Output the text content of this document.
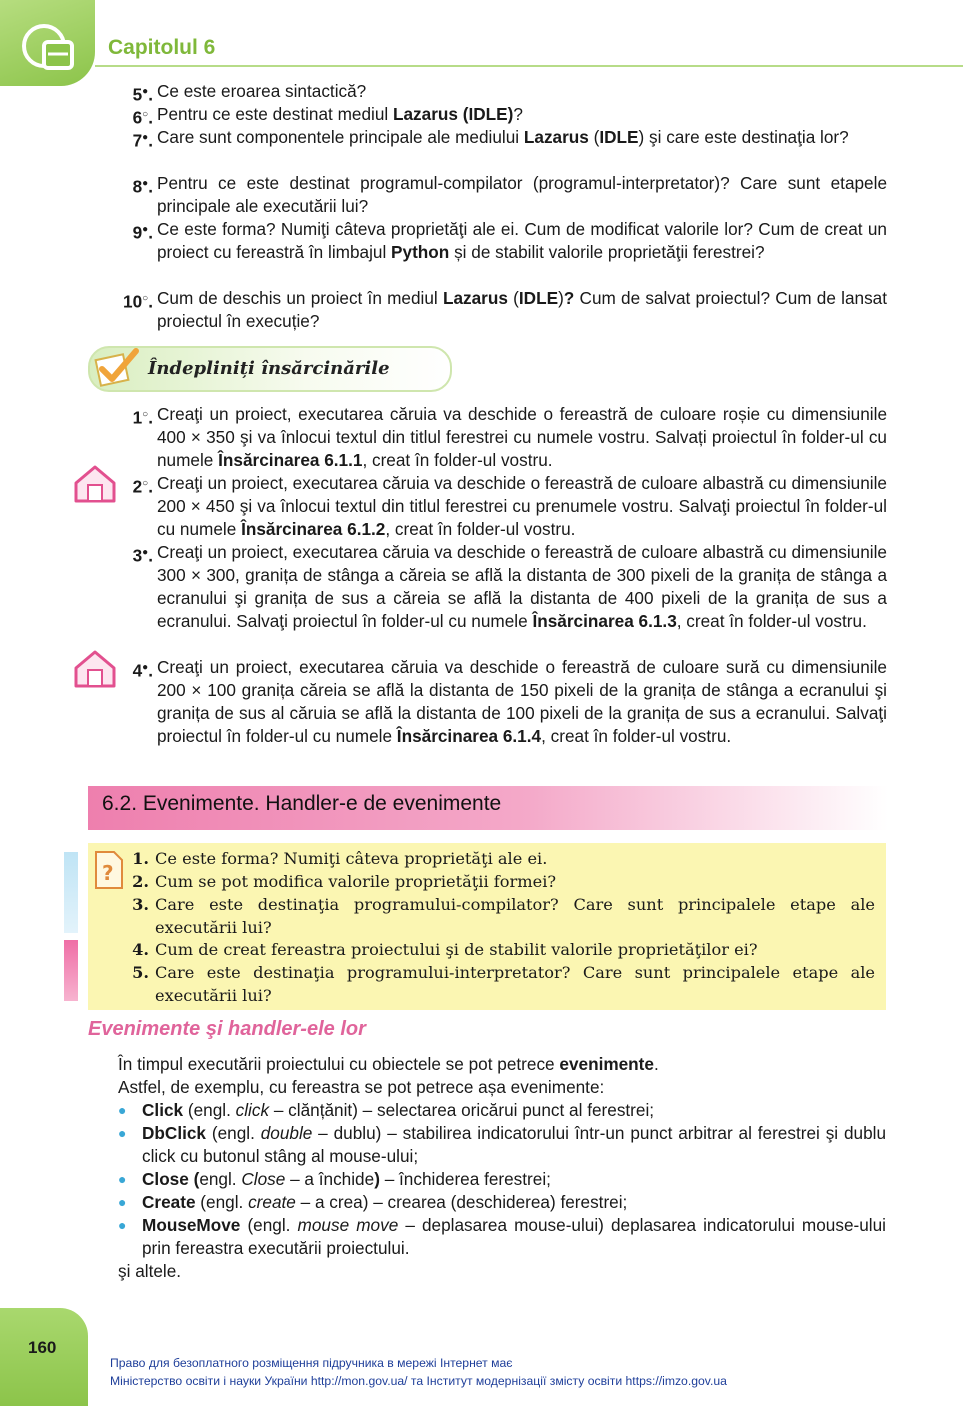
Capitolul 6
5●. Ce este eroarea sintactică?
6○. Pentru ce este destinat mediul Lazarus (IDLE)?
7●. Care sunt componentele principale ale mediului Lazarus (IDLE) şi care este destinaţia lor?
8●. Pentru ce este destinat programul-compilator (programul-interpretator)? Care sunt etapele principale ale executării lui?
9●. Ce este forma? Numiţi câteva proprietăţi ale ei. Cum de modificat valorile lor? Cum de creat un proiect cu fereastră în limbajul Python și de stabilit valorile proprietăţii ferestrei?
10○. Cum de deschis un proiect în mediul Lazarus (IDLE)? Cum de salvat proiectul? Cum de lansat proiectul în execuție?
Îndepliniți însărcinările
1○. Creaţi un proiect, executarea căruia va deschide o fereastră de culoare roșie cu dimensiunile 400 × 350 şi va înlocui textul din titlul ferestrei cu numele vostru. Salvați proiectul în folder-ul cu numele Însărcinarea 6.1.1, creat în folder-ul vostru.
2○. Creaţi un proiect, executarea căruia va deschide o fereastră de culoare albastră cu dimensiunile 200 × 450 şi va înlocui textul din titlul ferestrei cu prenumele vostru. Salvaţi proiectul în folder-ul cu numele Însărcinarea 6.1.2, creat în folder-ul vostru.
3●. Creaţi un proiect, executarea căruia va deschide o fereastră de culoare albastră cu dimensiunile 300 × 300, granița de stânga a căreia se află la distanta de 300 pixeli de la granița de stânga a ecranului şi granița de sus a căreia se află la distanta de 400 pixeli de la granița de sus a ecranului. Salvaţi proiectul în folder-ul cu numele Însărcinarea 6.1.3, creat în folder-ul vostru.
4●. Creaţi un proiect, executarea căruia va deschide o fereastră de culoare sură cu dimensiunile 200 × 100 granița căreia se află la distanta de 150 pixeli de la granița de stânga a ecranului şi granița de sus al căruia se află la distanta de 100 pixeli de la granița de sus a ecranului. Salvaţi proiectul în folder-ul cu numele Însărcinarea 6.1.4, creat în folder-ul vostru.
6.2. Evenimente. Handler-e de evenimente
?
1. Ce este forma? Numiţi câteva proprietăţi ale ei.
2. Cum se pot modifica valorile proprietăţii formei?
3. Care este destinaţia programului-compilator? Care sunt principalele etape ale executării lui?
4. Cum de creat fereastra proiectului şi de stabilit valorile proprietăţilor ei?
5. Care este destinaţia programului-interpretator? Care sunt principalele etape ale executării lui?
Evenimente şi handler-ele lor
În timpul executării proiectului cu obiectele se pot petrece evenimente.
Astfel, de exemplu, cu fereastra se pot petrece așa evenimente:
● Click (engl. click – clănțănit) – selectarea oricărui punct al ferestrei;
● DbClick (engl. double – dublu) – stabilirea indicatorului într-un punct arbitrar al ferestrei şi dublu click cu butonul stâng al mouse-ului;
● Close (engl. Close – a închide) – închiderea ferestrei;
● Create (engl. create – a crea) – crearea (deschiderea) ferestrei;
● MouseMove (engl. mouse move – deplasarea mouse-ului) deplasarea indicatorului mouse-ului prin fereastra executării proiectului.
şi altele.
160
Право для безоплатного розміщення підручника в мережі Інтернет має
Міністерство освіти і науки України http://mon.gov.ua/ та Інститут модернізації змісту освіти https://imzo.gov.ua
